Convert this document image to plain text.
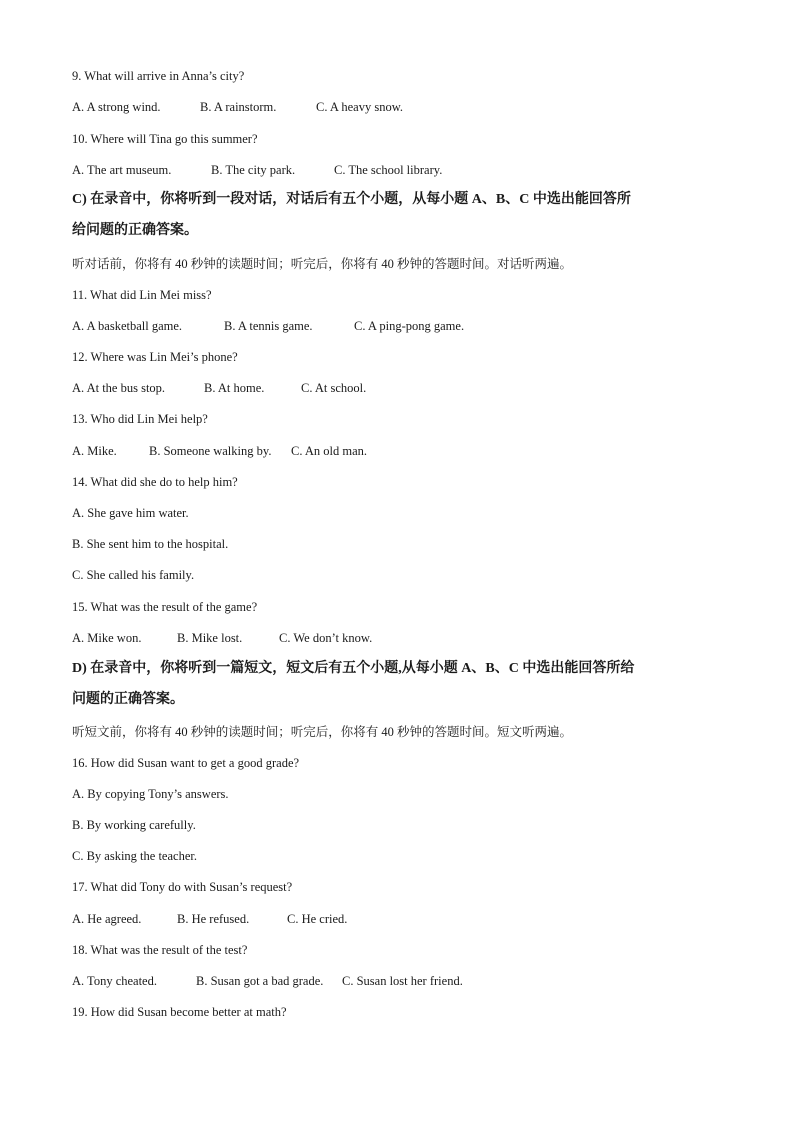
9. What will arrive in Anna’s city?
A. A strong wind.	B. A rainstorm.	C. A heavy snow.
10. Where will Tina go this summer?
A. The art museum.	B. The city park.	C. The school library.
C) 在录音中，你将听到一段对话，对话后有五个小题，从每小题 A、B、C 中选出能回答所
给问题的正确答案。
听对话前，你将有 40 秒钟的读题时间；听完后，你将有 40 秒钟的答题时间。对话听两遍。
11. What did Lin Mei miss?
A. A basketball game.	B. A tennis game.	C. A ping-pong game.
12. Where was Lin Mei’s phone?
A. At the bus stop.	B. At home.	C. At school.
13. Who did Lin Mei help?
A. Mike.	B. Someone walking by. C. An old man.
14. What did she do to help him?
A. She gave him water.
B. She sent him to the hospital.
C. She called his family.
15. What was the result of the game?
A. Mike won.	B. Mike lost.	C. We don’t know.
D) 在录音中，你将听到一篇短文，短文后有五个小题,从每小题 A、B、C 中选出能回答所给
问题的正确答案。
听短文前，你将有 40 秒钟的读题时间；听完后，你将有 40 秒钟的答题时间。短文听两遍。
16. How did Susan want to get a good grade?
A. By copying Tony’s answers.
B. By working carefully.
C. By asking the teacher.
17. What did Tony do with Susan’s request?
A. He agreed.	B. He refused.	C. He cried.
18. What was the result of the test?
A. Tony cheated.	B. Susan got a bad grade. C. Susan lost her friend.
19. How did Susan become better at math?
